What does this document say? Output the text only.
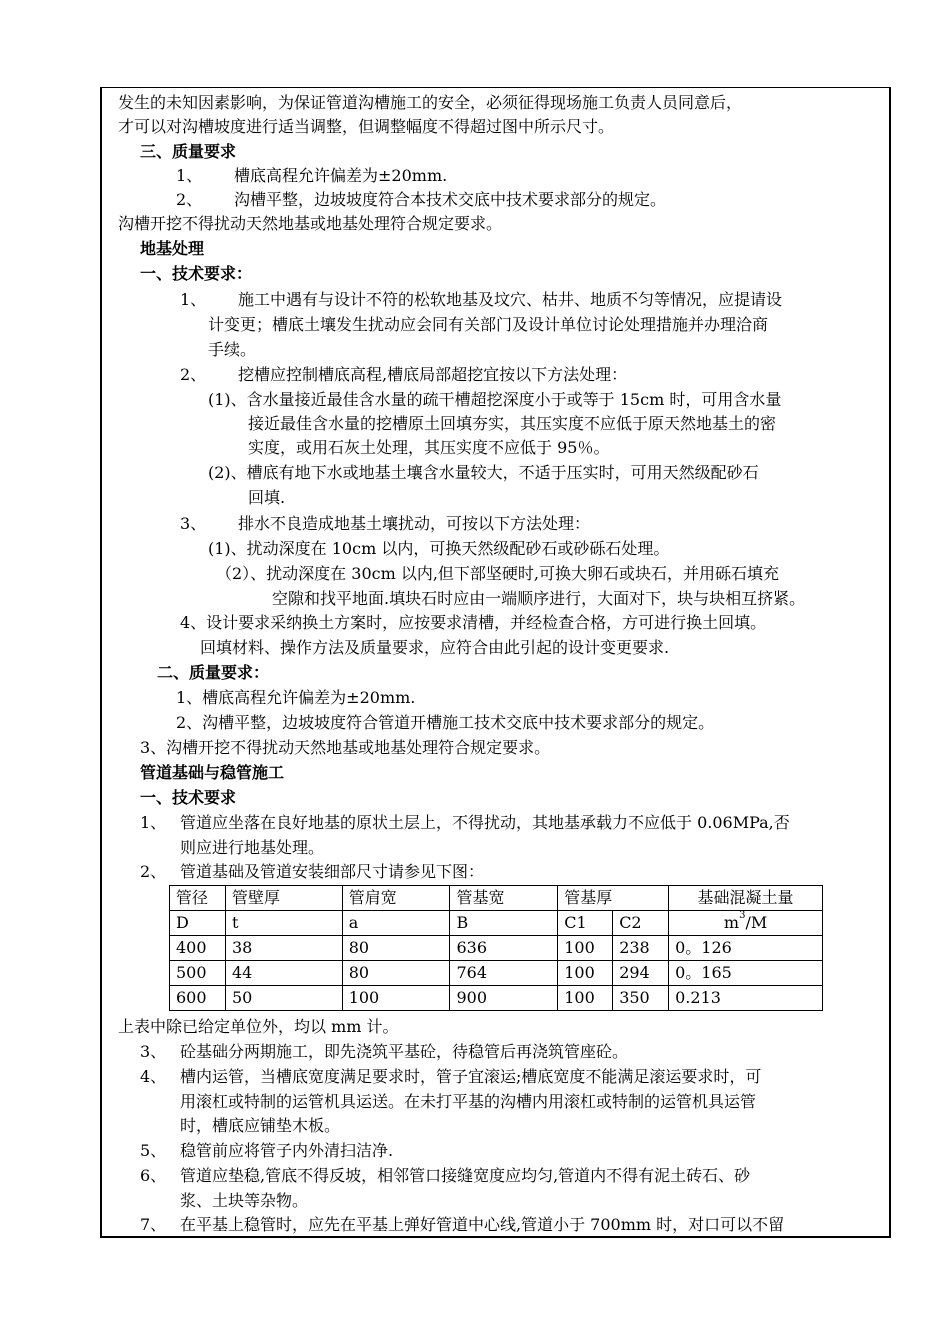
发生的未知因素影响，为保证管道沟槽施工的安全，必须征得现场施工负责人员同意后，
才可以对沟槽坡度进行适当调整，但调整幅度不得超过图中所示尺寸。
三、质量要求
1、 槽底高程允许偏差为±20mm.
2、 沟槽平整，边坡坡度符合本技术交底中技术要求部分的规定。
沟槽开挖不得扰动天然地基或地基处理符合规定要求。
地基处理
一、技术要求：
1、 施工中遇有与设计不符的松软地基及坟穴、枯井、地质不匀等情况，应提请设
计变更；槽底土壤发生扰动应会同有关部门及设计单位讨论处理措施并办理洽商
手续。
2、 挖槽应控制槽底高程,槽底局部超挖宜按以下方法处理：
(1)、含水量接近最佳含水量的疏干槽超挖深度小于或等于 15cm 时，可用含水量
接近最佳含水量的挖槽原土回填夯实，其压实度不应低于原天然地基土的密
实度，或用石灰土处理，其压实度不应低于 95％。
(2)、槽底有地下水或地基土壤含水量较大，不适于压实时，可用天然级配砂石
回填.
3、 排水不良造成地基土壤扰动，可按以下方法处理：
(1)、扰动深度在 10cm 以内，可换天然级配砂石或砂砾石处理。
（2）、扰动深度在 30cm 以内,但下部坚硬时,可换大卵石或块石，并用砾石填充
空隙和找平地面.填块石时应由一端顺序进行，大面对下，块与块相互挤紧。
4、设计要求采纳换土方案时，应按要求清槽，并经检查合格，方可进行换土回填。
回填材料、操作方法及质量要求，应符合由此引起的设计变更要求.
二、质量要求：
1、槽底高程允许偏差为±20mm.
2、沟槽平整，边坡坡度符合管道开槽施工技术交底中技术要求部分的规定。
3、沟槽开挖不得扰动天然地基或地基处理符合规定要求。
管道基础与稳管施工
一、技术要求
1、 管道应坐落在良好地基的原状土层上，不得扰动，其地基承载力不应低于 0.06MPa,否
则应进行地基处理。
2、 管道基础及管道安装细部尺寸请参见下图：
管径	管壁厚	管肩宽	管基宽	管基厚		基础混凝土量
D	t	a	B	C1	C2	$m^3/M$
400	38	80	636	100	238	0。126
500	44	80	764	100	294	0。165
600	50	100	900	100	350	0.213
上表中除已给定单位外，均以 mm 计。
3、 砼基础分两期施工，即先浇筑平基砼，待稳管后再浇筑管座砼。
4、 槽内运管，当槽底宽度满足要求时，管子宜滚运;槽底宽度不能满足滚运要求时，可
用滚杠或特制的运管机具运送。在未打平基的沟槽内用滚杠或特制的运管机具运管
时，槽底应铺垫木板。
5、 稳管前应将管子内外清扫洁净.
6、 管道应垫稳,管底不得反坡，相邻管口接缝宽度应均匀,管道内不得有泥土砖石、砂
浆、土块等杂物。
7、 在平基上稳管时，应先在平基上弹好管道中心线,管道小于 700mm 时，对口可以不留
